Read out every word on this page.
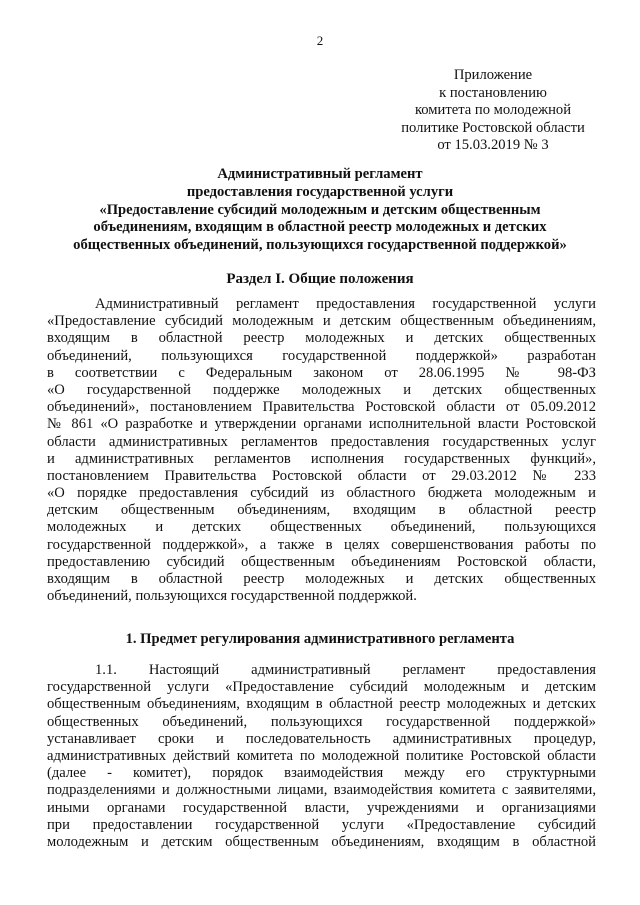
2
Приложение
к постановлению
комитета по молодежной
политике Ростовской области
от 15.03.2019 № 3
Административный регламент
предоставления государственной услуги
«Предоставление субсидий молодежным и детским общественным
объединениям, входящим в областной реестр молодежных и детских
общественных объединений, пользующихся государственной поддержкой»
Раздел I. Общие положения
Административный регламент предоставления государственной услуги
«Предоставление субсидий молодежным и детским общественным объединениям,
входящим в областной реестр молодежных и детских общественных
объединений, пользующихся государственной поддержкой» разработан
в соответствии с Федеральным законом от 28.06.1995 № 98-ФЗ
«О государственной поддержке молодежных и детских общественных
объединений», постановлением Правительства Ростовской области от 05.09.2012
№ 861 «О разработке и утверждении органами исполнительной власти Ростовской
области административных регламентов предоставления государственных услуг
и административных регламентов исполнения государственных функций»,
постановлением Правительства Ростовской области от 29.03.2012 № 233
«О порядке предоставления субсидий из областного бюджета молодежным и
детским общественным объединениям, входящим в областной реестр
молодежных и детских общественных объединений, пользующихся
государственной поддержкой», а также в целях совершенствования работы по
предоставлению субсидий общественным объединениям Ростовской области,
входящим в областной реестр молодежных и детских общественных
объединений, пользующихся государственной поддержкой.
1. Предмет регулирования административного регламента
1.1. Настоящий административный регламент предоставления
государственной услуги «Предоставление субсидий молодежным и детским
общественным объединениям, входящим в областной реестр молодежных и детских
общественных объединений, пользующихся государственной поддержкой»
устанавливает сроки и последовательность административных процедур,
административных действий комитета по молодежной политике Ростовской области
(далее - комитет), порядок взаимодействия между его структурными
подразделениями и должностными лицами, взаимодействия комитета с заявителями,
иными органами государственной власти, учреждениями и организациями
при предоставлении государственной услуги «Предоставление субсидий
молодежным и детским общественным объединениям, входящим в областной
